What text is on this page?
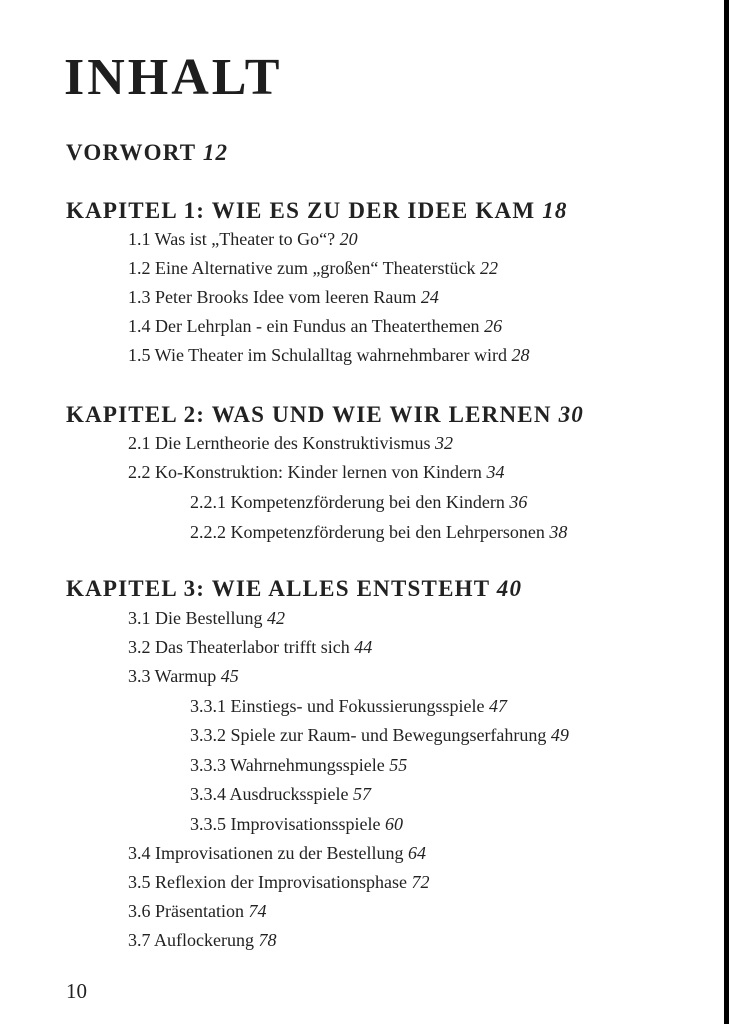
INHALT
VORWORT 12
KAPITEL 1: WIE ES ZU DER IDEE KAM 18
1.1 Was ist „Theater to Go“? 20
1.2 Eine Alternative zum „großen“ Theaterstück 22
1.3 Peter Brooks Idee vom leeren Raum 24
1.4 Der Lehrplan - ein Fundus an Theaterthemen 26
1.5 Wie Theater im Schulalltag wahrnehmbarer wird 28
KAPITEL 2: WAS UND WIE WIR LERNEN 30
2.1 Die Lerntheorie des Konstruktivismus 32
2.2 Ko-Konstruktion: Kinder lernen von Kindern 34
2.2.1 Kompetenzförderung bei den Kindern 36
2.2.2 Kompetenzförderung bei den Lehrpersonen 38
KAPITEL 3: WIE ALLES ENTSTEHT 40
3.1 Die Bestellung 42
3.2 Das Theaterlabor trifft sich 44
3.3 Warmup 45
3.3.1 Einstiegs- und Fokussierungsspiele 47
3.3.2 Spiele zur Raum- und Bewegungserfahrung 49
3.3.3 Wahrnehmungsspiele 55
3.3.4 Ausdrucksspiele 57
3.3.5 Improvisationsspiele 60
3.4 Improvisationen zu der Bestellung 64
3.5 Reflexion der Improvisationsphase 72
3.6 Präsentation 74
3.7 Auflockerung 78
10
